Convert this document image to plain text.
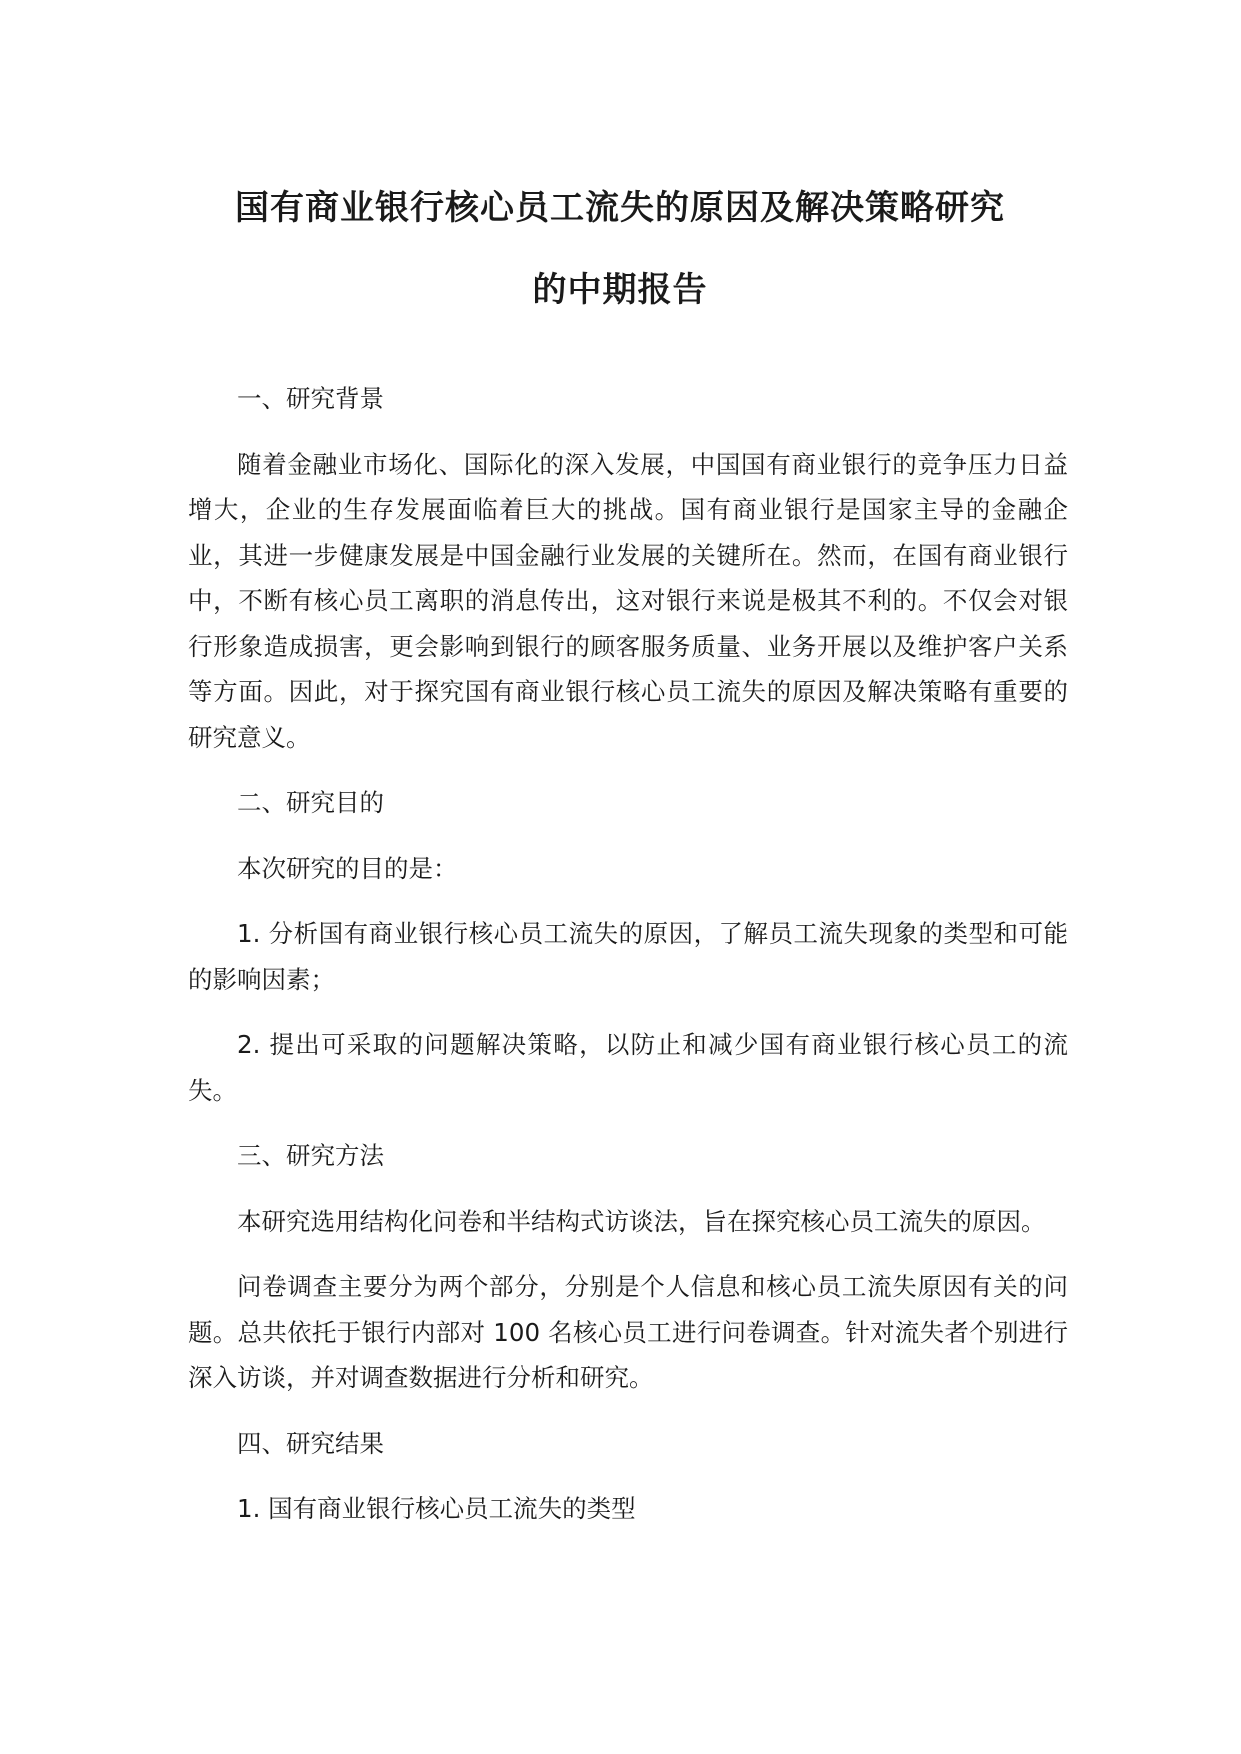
国有商业银行核心员工流失的原因及解决策略研究
的中期报告

一、研究背景

随着金融业市场化、国际化的深入发展，中国国有商业银行的竞争压力日益增大，企业的生存发展面临着巨大的挑战。国有商业银行是国家主导的金融企业，其进一步健康发展是中国金融行业发展的关键所在。然而，在国有商业银行中，不断有核心员工离职的消息传出，这对银行来说是极其不利的。不仅会对银行形象造成损害，更会影响到银行的顾客服务质量、业务开展以及维护客户关系等方面。因此，对于探究国有商业银行核心员工流失的原因及解决策略有重要的研究意义。

二、研究目的

本次研究的目的是：

1. 分析国有商业银行核心员工流失的原因，了解员工流失现象的类型和可能的影响因素；

2. 提出可采取的问题解决策略，以防止和减少国有商业银行核心员工的流失。

三、研究方法

本研究选用结构化问卷和半结构式访谈法，旨在探究核心员工流失的原因。

问卷调查主要分为两个部分，分别是个人信息和核心员工流失原因有关的问题。总共依托于银行内部对 100 名核心员工进行问卷调查。针对流失者个别进行深入访谈，并对调查数据进行分析和研究。

四、研究结果

1. 国有商业银行核心员工流失的类型
